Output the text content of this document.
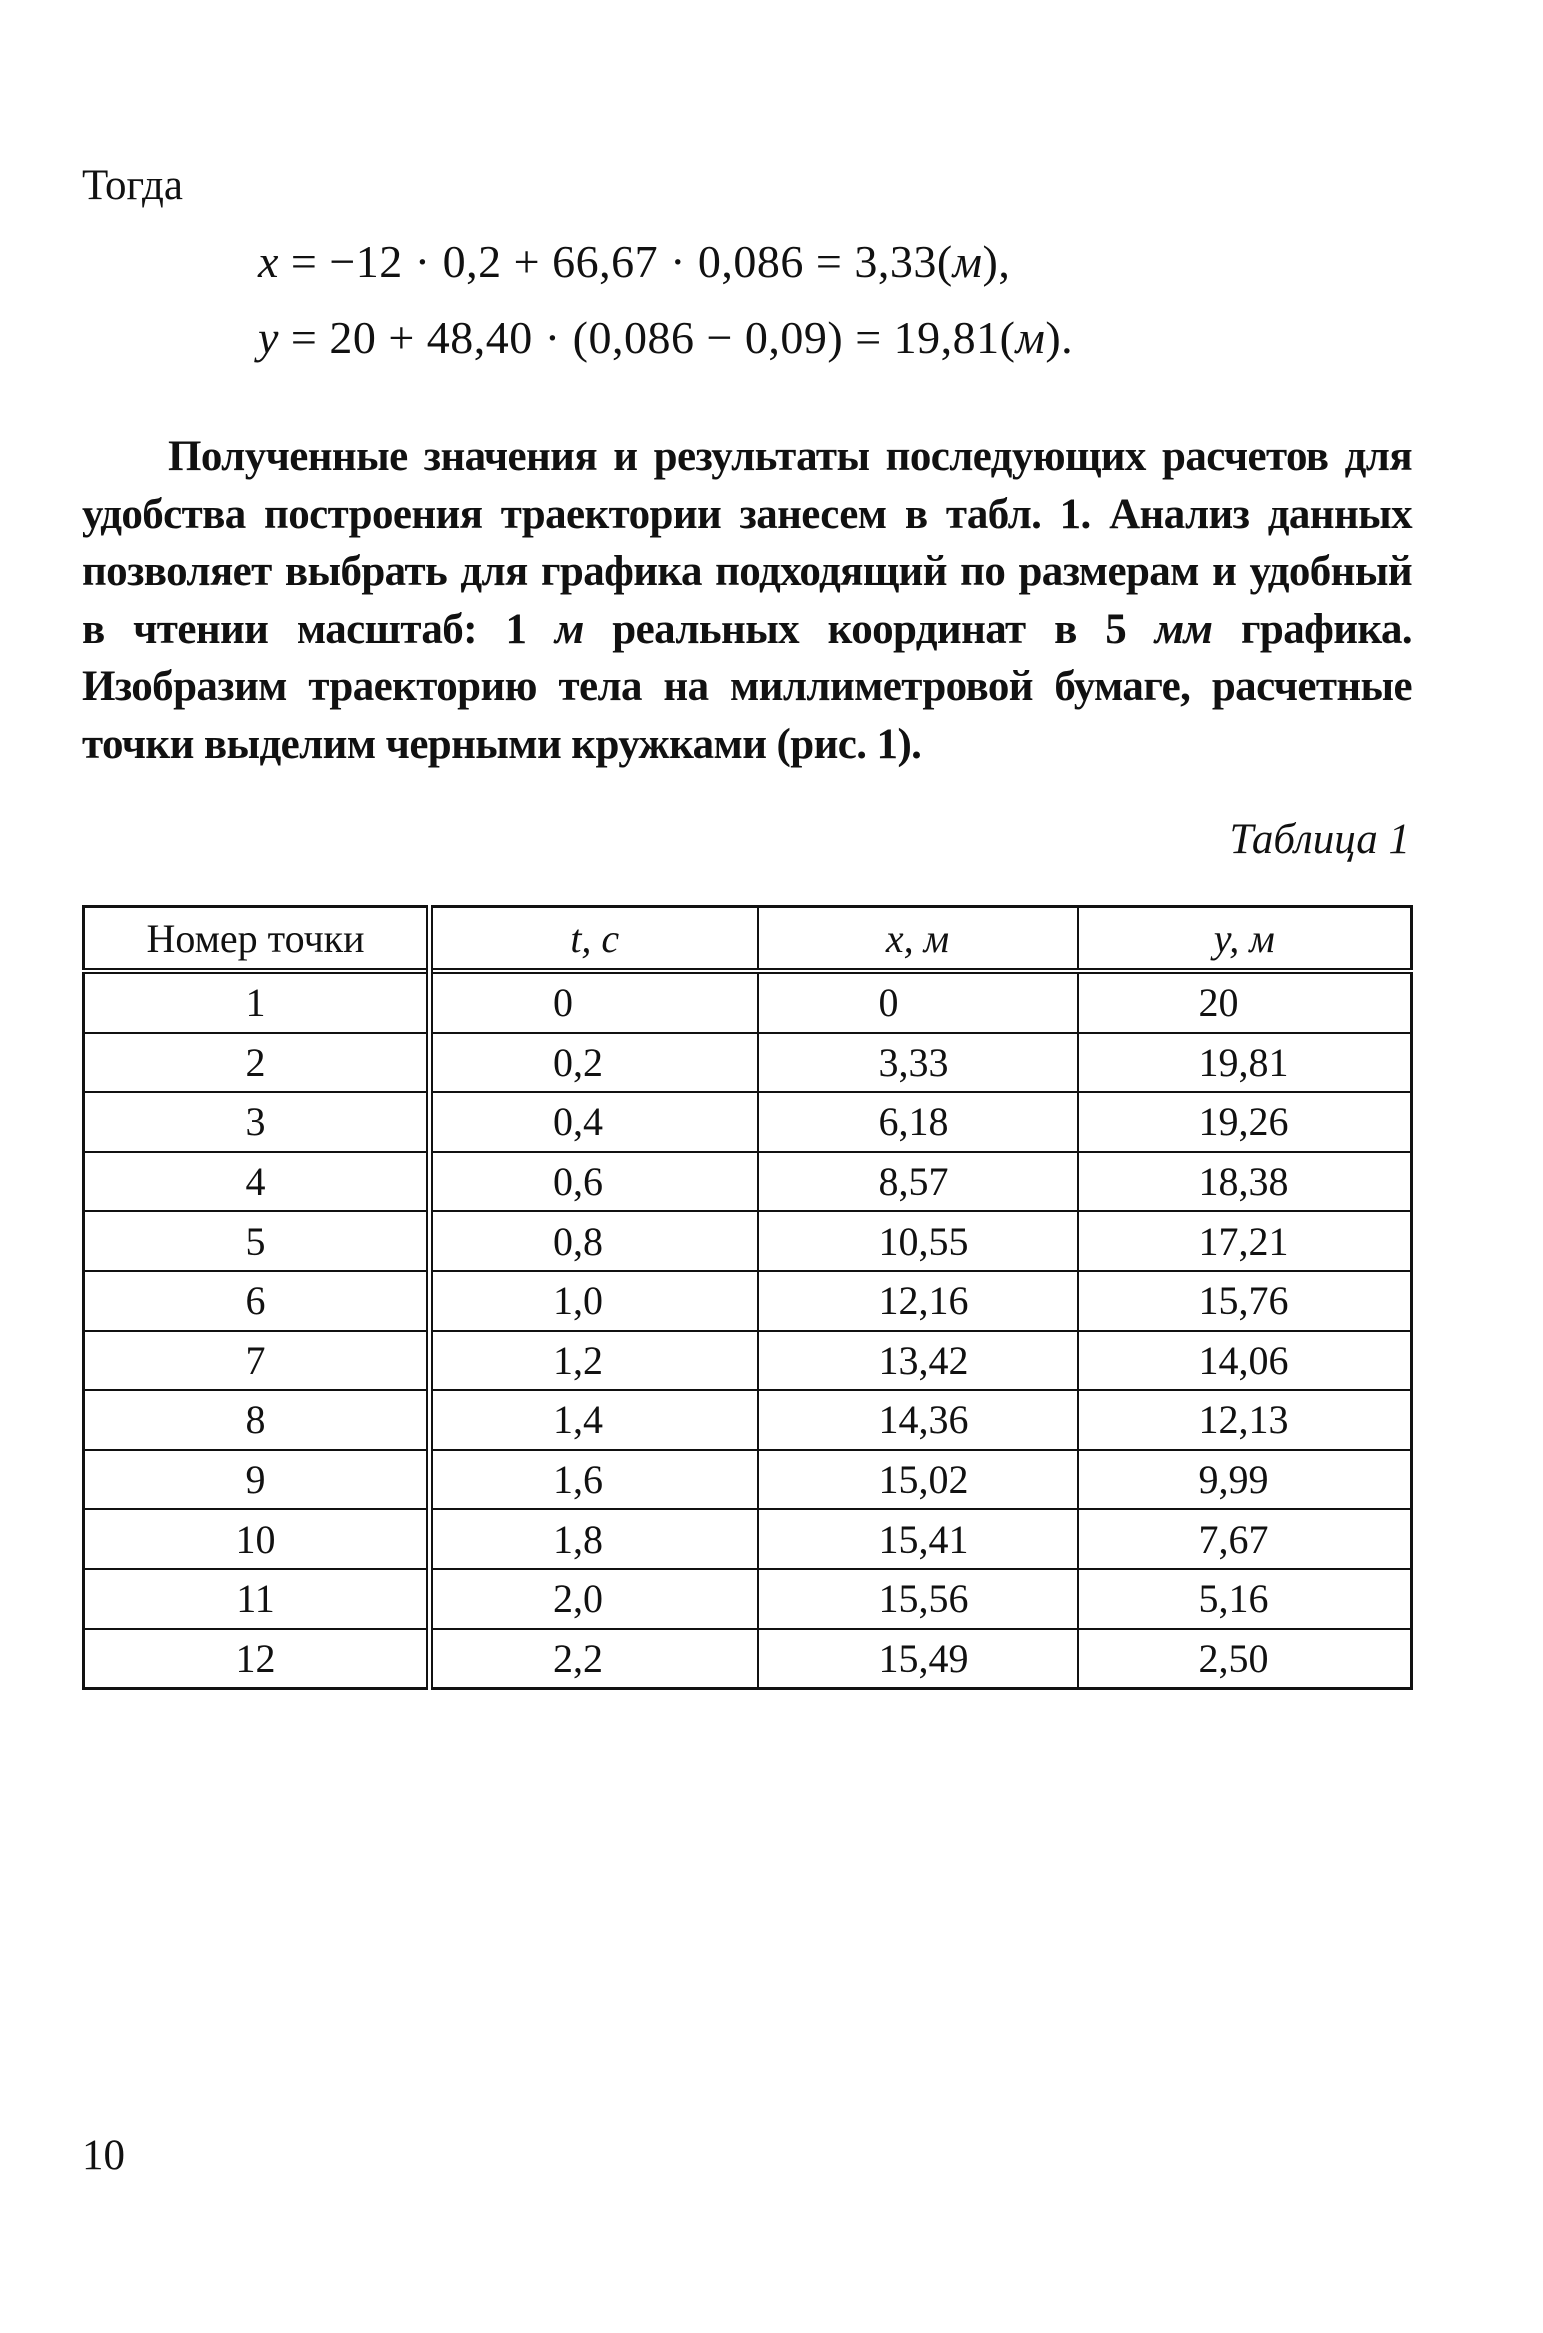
Тогда
x = −12 · 0,2 + 66,67 · 0,086 = 3,33(м),
y = 20 + 48,40 · (0,086 − 0,09) = 19,81(м).
Полученные значения и результаты последующих расчетов для удобства построения траектории занесем в табл. 1. Анализ данных позволяет выбрать для графика подходящий по размерам и удобный в чтении масштаб: 1 м реальных координат в 5 мм графика. Изобразим траекторию тела на миллиметровой бумаге, расчетные точки выделим черными кружками (рис. 1).
Таблица 1
Номер точки	t, с	x, м	y, м
1	0	0	20
2	0,2	3,33	19,81
3	0,4	6,18	19,26
4	0,6	8,57	18,38
5	0,8	10,55	17,21
6	1,0	12,16	15,76
7	1,2	13,42	14,06
8	1,4	14,36	12,13
9	1,6	15,02	9,99
10	1,8	15,41	7,67
11	2,0	15,56	5,16
12	2,2	15,49	2,50
10
